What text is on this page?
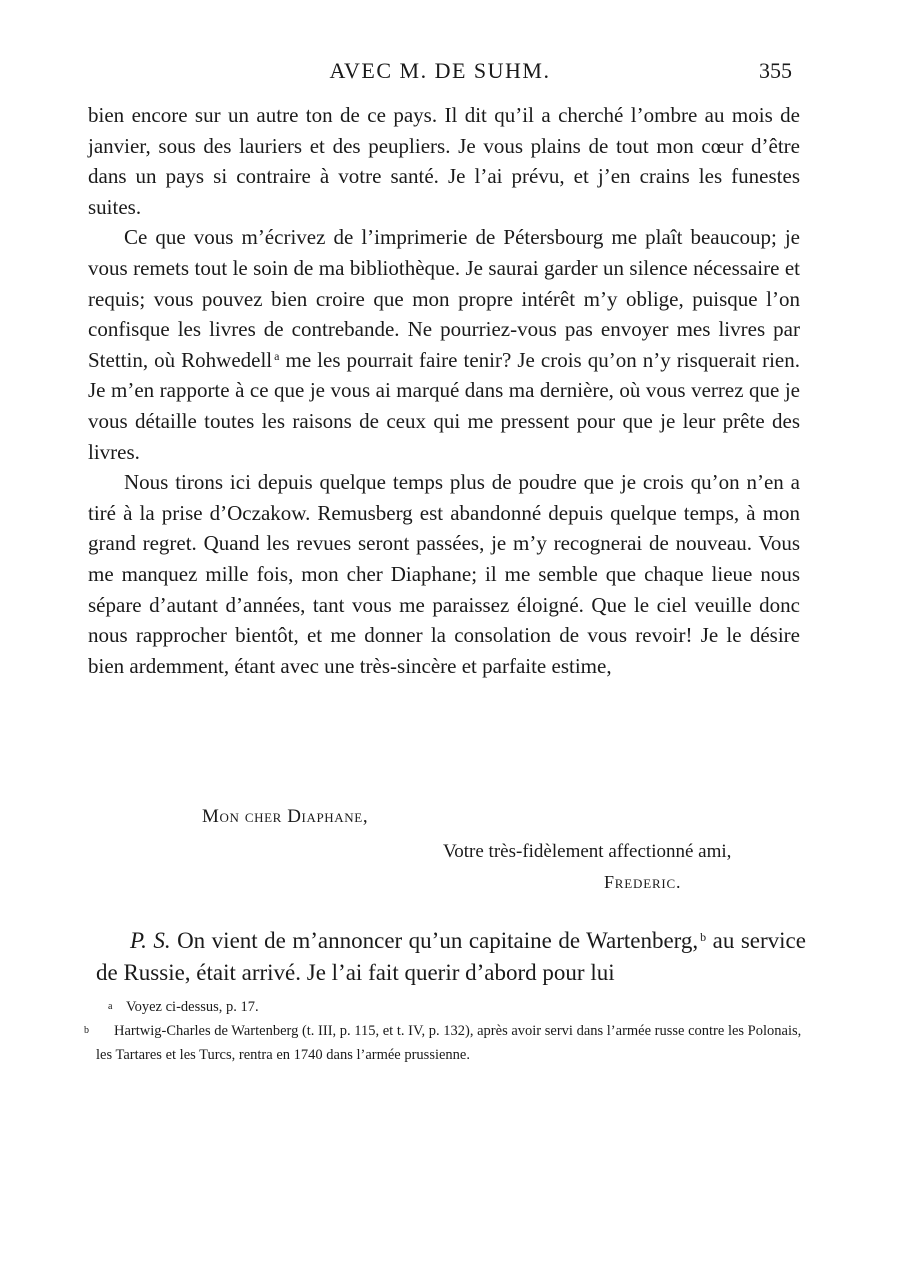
AVEC M. DE SUHM.	355

bien encore sur un autre ton de ce pays. Il dit qu’il a cherché l’ombre au mois de janvier, sous des lauriers et des peupliers. Je vous plains de tout mon cœur d’être dans un pays si contraire à votre santé. Je l’ai prévu, et j’en crains les funestes suites.

Ce que vous m’écrivez de l’imprimerie de Pétersbourg me plaît beaucoup; je vous remets tout le soin de ma bibliothèque. Je saurai garder un silence nécessaire et requis; vous pouvez bien croire que mon propre intérêt m’y oblige, puisque l’on confisque les livres de contrebande. Ne pourriez-vous pas envoyer mes livres par Stettin, où Rohwedell $^a$ me les pourrait faire tenir? Je crois qu’on n’y risquerait rien. Je m’en rapporte à ce que je vous ai marqué dans ma dernière, où vous verrez que je vous détaille toutes les raisons de ceux qui me pressent pour que je leur prête des livres.

Nous tirons ici depuis quelque temps plus de poudre que je crois qu’on n’en a tiré à la prise d’Oczakow. Remusberg est abandonné depuis quelque temps, à mon grand regret. Quand les revues seront passées, je m’y recognerai de nouveau. Vous me manquez mille fois, mon cher Diaphane; il me semble que chaque lieue nous sépare d’autant d’années, tant vous me paraissez éloigné. Que le ciel veuille donc nous rapprocher bientôt, et me donner la consolation de vous revoir! Je le désire bien ardemment, étant avec une très-sincère et parfaite estime,

Mon cher Diaphane,
Votre très-fidèlement affectionné ami,
Frederic.
P. S. On vient de m’annoncer qu’un capitaine de Wartenberg, $^b$ au service de Russie, était arrivé. Je l’ai fait querir d’abord pour lui

a Voyez ci-dessus, p. 17.

b Hartwig-Charles de Wartenberg (t. III, p. 115, et t. IV, p. 132), après avoir servi dans l’armée russe contre les Polonais, les Tartares et les Turcs, rentra en 1740 dans l’armée prussienne.
